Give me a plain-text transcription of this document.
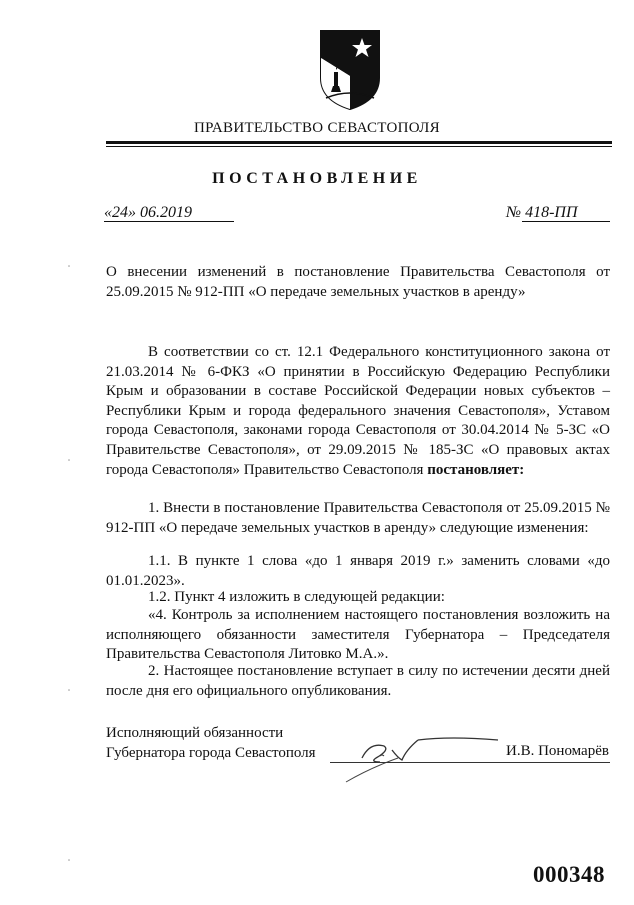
ПРАВИТЕЛЬСТВО СЕВАСТОПОЛЯ
ПОСТАНОВЛЕНИЕ
«24» 06.2019	№ 418-ПП
О внесении изменений в постановление Правительства Севастополя от 25.09.2015 № 912-ПП «О передаче земельных участков в аренду»
В соответствии со ст. 12.1 Федерального конституционного закона от 21.03.2014 № 6-ФКЗ «О принятии в Российскую Федерацию Республики Крым и образовании в составе Российской Федерации новых субъектов – Республики Крым и города федерального значения Севастополя», Уставом города Севастополя, законами города Севастополя от 30.04.2014 № 5-ЗС «О Правительстве Севастополя», от 29.09.2015 № 185-ЗС «О правовых актах города Севастополя» Правительство Севастополя постановляет:
1. Внести в постановление Правительства Севастополя от 25.09.2015 № 912-ПП «О передаче земельных участков в аренду» следующие изменения:
1.1. В пункте 1 слова «до 1 января 2019 г.» заменить словами «до 01.01.2023».
1.2. Пункт 4 изложить в следующей редакции:
«4. Контроль за исполнением настоящего постановления возложить на исполняющего обязанности заместителя Губернатора – Председателя Правительства Севастополя Литовко М.А.».
2. Настоящее постановление вступает в силу по истечении десяти дней после дня его официального опубликования.
Исполняющий обязанности
Губернатора города Севастополя	И.В. Пономарёв
000348
